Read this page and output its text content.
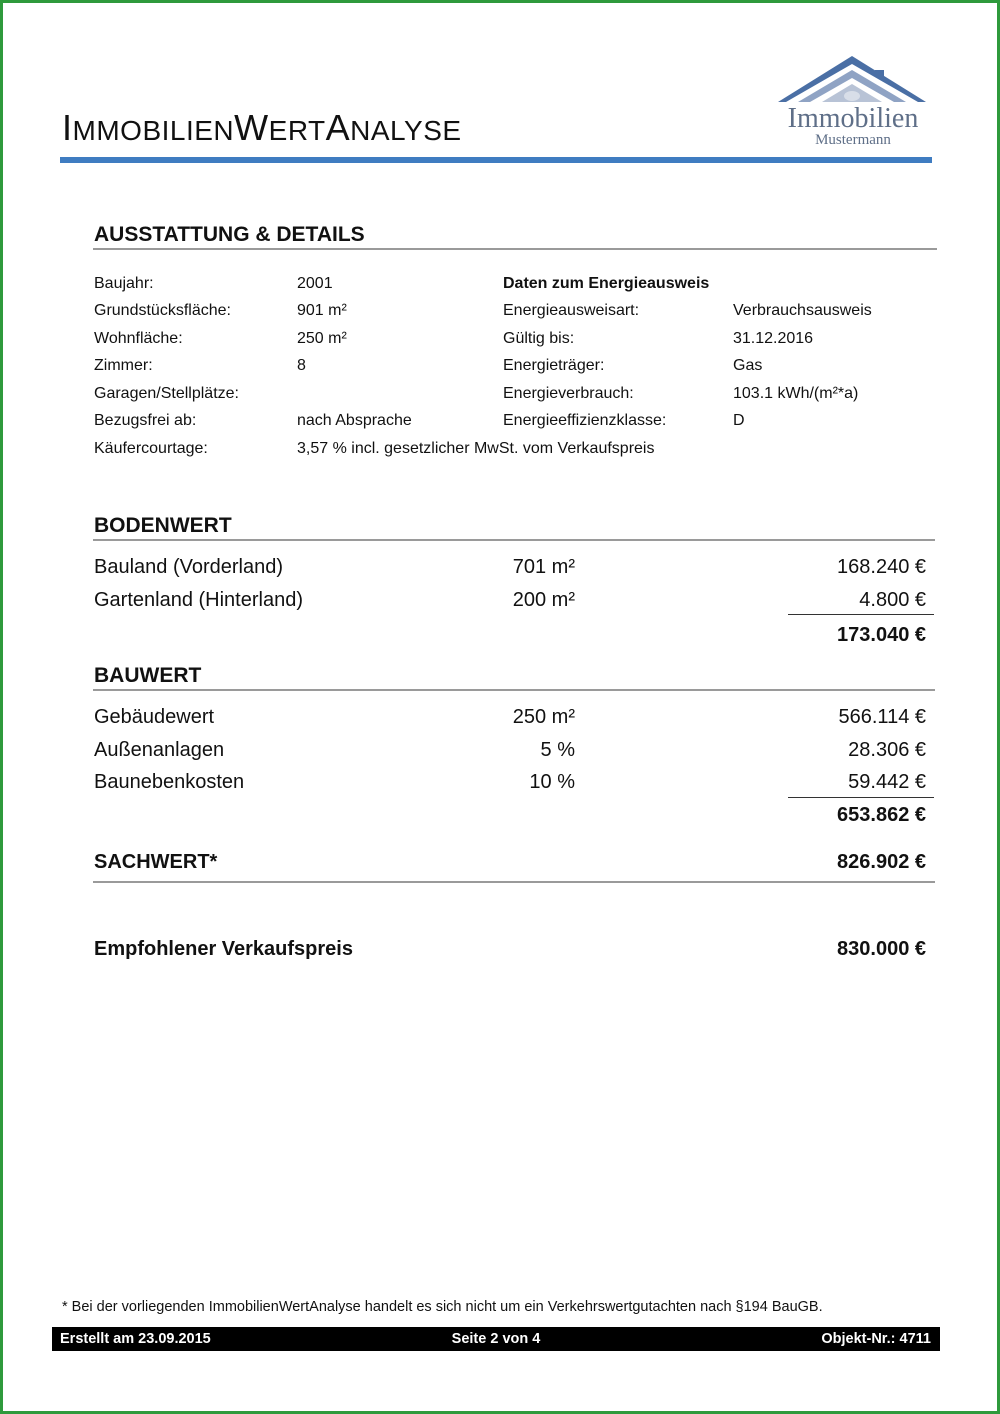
IMMOBILIENWERTANALYSE	Immobilien
Mustermann
AUSSTATTUNG & DETAILS
Baujahr:	2001
Grundstücksfläche:	901 m²
Wohnfläche:	250 m²
Zimmer:	8
Garagen/Stellplätze:
Bezugsfrei ab:	nach Absprache
Käufercourtage:	3,57 % incl. gesetzlicher MwSt. vom Verkaufspreis
Daten zum Energieausweis
Energieausweisart:	Verbrauchsausweis
Gültig bis:	31.12.2016
Energieträger:	Gas
Energieverbrauch:	103.1 kWh/(m²*a)
Energieeffizienzklasse:	D
BODENWERT
Bauland (Vorderland)	701 m²	168.240 €
Gartenland (Hinterland)	200 m²	4.800 €
173.040 €
BAUWERT
Gebäudewert	250 m²	566.114 €
Außenanlagen	5 %	28.306 €
Baunebenkosten	10 %	59.442 €
653.862 €
SACHWERT*	826.902 €
Empfohlener Verkaufspreis	830.000 €
* Bei der vorliegenden ImmobilienWertAnalyse handelt es sich nicht um ein Verkehrswertgutachten nach §194 BauGB.
Seite 2 von 4
Erstellt am 23.09.2015	Objekt-Nr.: 4711
